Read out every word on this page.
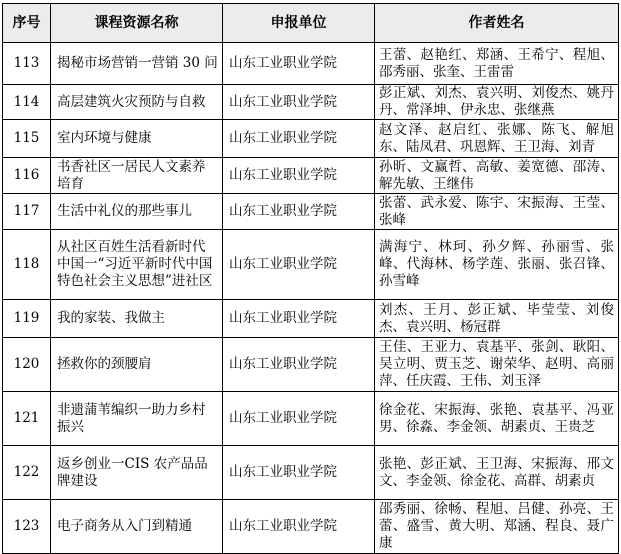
序号	课程资源名称	申报单位	作者姓名
113	揭秘市场营销一营销 30 问	山东工业职业学院	王蕾、赵艳红、郑涵、王希宁、程旭、邵秀丽、张奎、王雷雷
114	高层建筑火灾预防与自救	山东工业职业学院	彭正斌、刘杰、袁兴明、刘俊杰、姚丹丹、常泽坤、伊永忠、张继燕
115	室内环境与健康	山东工业职业学院	赵文泽、赵启红、张娜、陈飞、解旭东、陆凤君、巩恩辉、王卫海、刘青
116	书香社区一居民人文素养培育	山东工业职业学院	孙昕、文赢哲、高敏、姜宽德、邵涛、解先敏、王继伟
117	生活中礼仪的那些事儿	山东工业职业学院	张蕾、武永爱、陈宇、宋振海、王莹、张峰
118	从社区百姓生活看新时代中国一“习近平新时代中国特色社会主义思想”进社区	山东工业职业学院	满海宁、林珂、孙夕辉、孙丽雪、张峰、代海林、杨学莲、张丽、张召锋、孙雪峰
119	我的家装、我做主	山东工业职业学院	刘杰、王月、彭正斌、毕莹莹、刘俊杰、袁兴明、杨冠群
120	拯救你的颈腰肩	山东工业职业学院	王佳、王亚力、袁基平、张剑、耿阳、吴立明、贾玉芝、谢荣华、赵明、高丽萍、任庆霞、王伟、刘玉泽
121	非遗蒲苇编织一助力乡村振兴	山东工业职业学院	徐金花、宋振海、张艳、袁基平、冯亚男、徐淼、李金领、胡素贞、王贵芝
122	返乡创业一CIS 农产品品牌建设	山东工业职业学院	张艳、彭正斌、王卫海、宋振海、邢文文、李金领、徐金花、高群、胡素贞
123	电子商务从入门到精通	山东工业职业学院	邵秀丽、徐畅、程旭、吕健、孙亮、王蕾、盛雪、黄大明、郑涵、程良、聂广康
